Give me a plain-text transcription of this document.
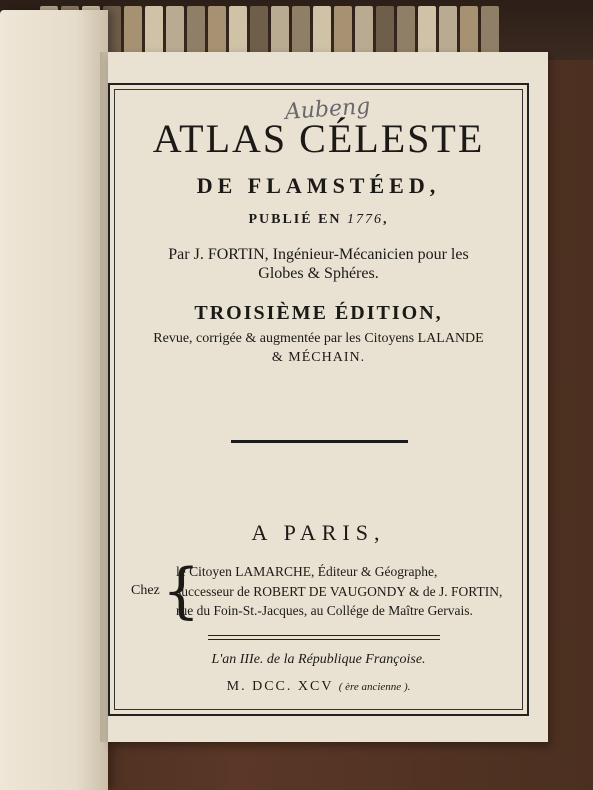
Aubeng
ATLAS CÉLESTE
DE FLAMSTÉED,
PUBLIÉ EN 1776,
Par J. FORTIN, Ingénieur-Mécanicien pour les
Globes & Sphéres.
TROISIÈME ÉDITION,
Revue, corrigée & augmentée par les Citoyens LALANDE
& MÉCHAIN.
A PARIS,
Chez {
le Citoyen LAMARCHE, Éditeur & Géographe,
successeur de ROBERT DE VAUGONDY & de J. FORTIN,
rue du Foin-St.-Jacques, au Collége de Maître Gervais.
L'an IIIe. de la République Françoise.
M. DCC. XCV ( ère ancienne ).
